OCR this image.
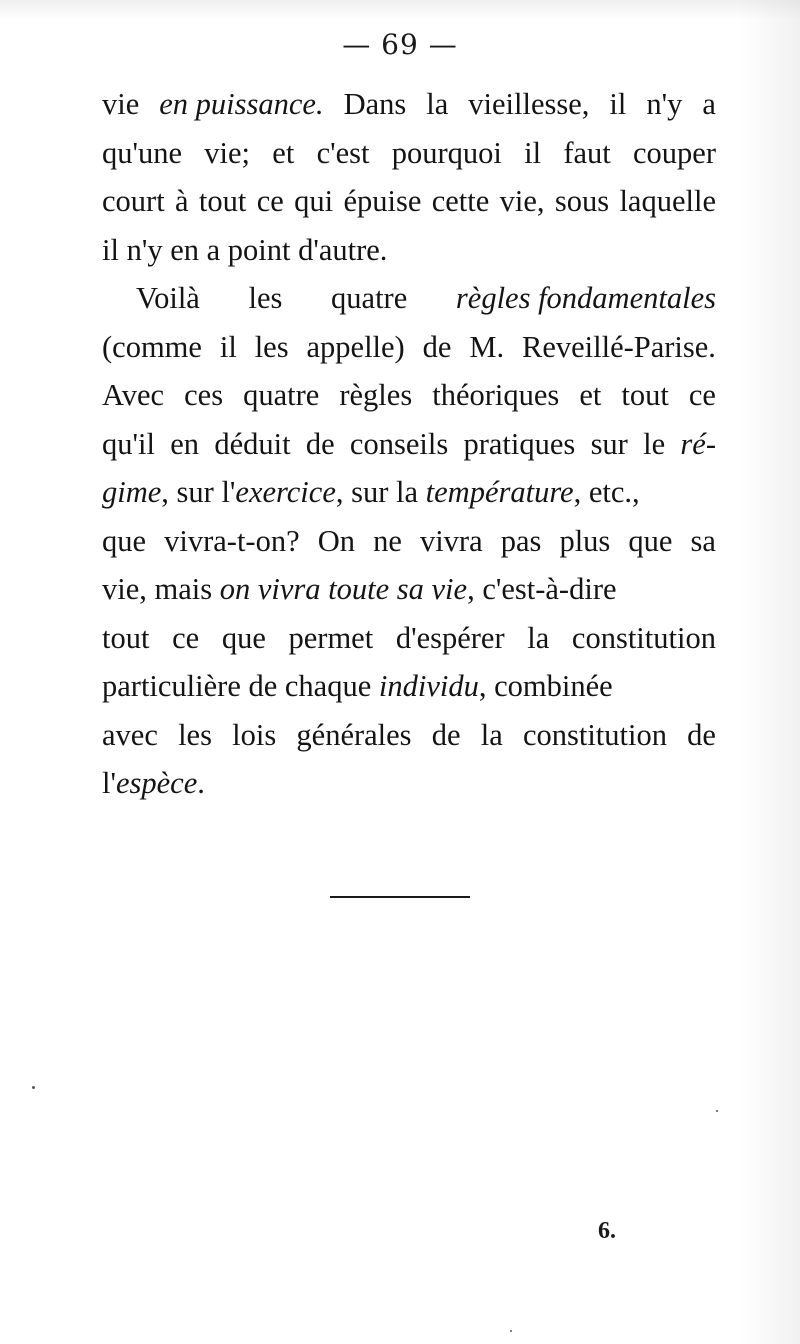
— 69 —
vie en puissance. Dans la vieillesse, il n'y a
qu'une vie; et c'est pourquoi il faut couper
court à tout ce qui épuise cette vie, sous laquelle
il n'y en a point d'autre.
Voilà les quatre règles fondamentales
(comme il les appelle) de M. Reveillé-Parise.
Avec ces quatre règles théoriques et tout ce
qu'il en déduit de conseils pratiques sur le ré-
gime, sur l'exercice, sur la température, etc.,
que vivra-t-on? On ne vivra pas plus que sa
vie, mais on vivra toute sa vie, c'est-à-dire
tout ce que permet d'espérer la constitution
particulière de chaque individu, combinée
avec les lois générales de la constitution de
l'espèce.
6.
